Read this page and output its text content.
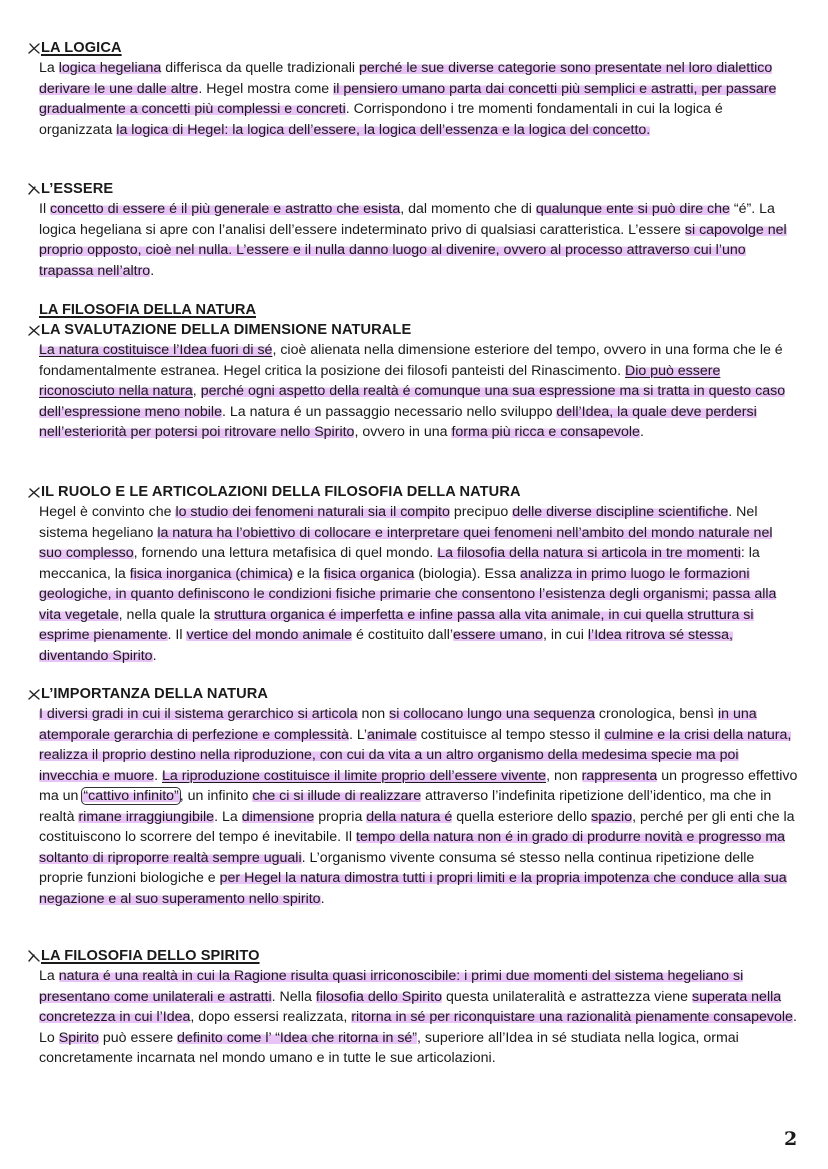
LA LOGICA

La logica hegeliana differisca da quelle tradizionali perché le sue diverse categorie sono presentate nel loro dialettico derivare le une dalle altre. Hegel mostra come il pensiero umano parta dai concetti più semplici e astratti, per passare gradualmente a concetti più complessi e concreti. Corrispondono i tre momenti fondamentali in cui la logica é organizzata la logica di Hegel: la logica dell’essere, la logica dell’essenza e la logica del concetto.

L’ESSERE

Il concetto di essere é il più generale e astratto che esista, dal momento che di qualunque ente si può dire che “é”. La logica hegeliana si apre con l’analisi dell’essere indeterminato privo di qualsiasi caratteristica. L’essere si capovolge nel proprio opposto, cioè nel nulla. L’essere e il nulla danno luogo al divenire, ovvero al processo attraverso cui l’uno trapassa nell’altro.

LA FILOSOFIA DELLA NATURA
LA SVALUTAZIONE DELLA DIMENSIONE NATURALE

La natura costituisce l’Idea fuori di sé, cioè alienata nella dimensione esteriore del tempo, ovvero in una forma che le é fondamentalmente estranea. Hegel critica la posizione dei filosofi panteisti del Rinascimento. Dio può essere riconosciuto nella natura, perché ogni aspetto della realtà é comunque una sua espressione ma si tratta in questo caso dell’espressione meno nobile. La natura é un passaggio necessario nello sviluppo dell’Idea, la quale deve perdersi nell’esteriorità per potersi poi ritrovare nello Spirito, ovvero in una forma più ricca e consapevole.

IL RUOLO E LE ARTICOLAZIONI DELLA FILOSOFIA DELLA NATURA

Hegel è convinto che lo studio dei fenomeni naturali sia il compito precipuo delle diverse discipline scientifiche. Nel sistema hegeliano la natura ha l’obiettivo di collocare e interpretare quei fenomeni nell’ambito del mondo naturale nel suo complesso, fornendo una lettura metafisica di quel mondo. La filosofia della natura si articola in tre momenti: la meccanica, la fisica inorganica (chimica) e la fisica organica (biologia). Essa analizza in primo luogo le formazioni geologiche, in quanto definiscono le condizioni fisiche primarie che consentono l’esistenza degli organismi; passa alla vita vegetale, nella quale la struttura organica é imperfetta e infine passa alla vita animale, in cui quella struttura si esprime pienamente. Il vertice del mondo animale é costituito dall’essere umano, in cui l’Idea ritrova sé stessa, diventando Spirito.

L’IMPORTANZA DELLA NATURA

I diversi gradi in cui il sistema gerarchico si articola non si collocano lungo una sequenza cronologica, bensì in una atemporale gerarchia di perfezione e complessità. L’animale costituisce al tempo stesso il culmine e la crisi della natura, realizza il proprio destino nella riproduzione, con cui da vita a un altro organismo della medesima specie ma poi invecchia e muore. La riproduzione costituisce il limite proprio dell’essere vivente, non rappresenta un progresso effettivo ma un “cattivo infinito”, un infinito che ci si illude di realizzare attraverso l’indefinita ripetizione dell’identico, ma che in realtà rimane irraggiungibile. La dimensione propria della natura é quella esteriore dello spazio, perché per gli enti che la costituiscono lo scorrere del tempo é inevitabile. Il tempo della natura non é in grado di produrre novità e progresso ma soltanto di riproporre realtà sempre uguali. L’organismo vivente consuma sé stesso nella continua ripetizione delle proprie funzioni biologiche e per Hegel la natura dimostra tutti i propri limiti e la propria impotenza che conduce alla sua negazione e al suo superamento nello spirito.

LA FILOSOFIA DELLO SPIRITO

La natura é una realtà in cui la Ragione risulta quasi irriconoscibile: i primi due momenti del sistema hegeliano si presentano come unilaterali e astratti. Nella filosofia dello Spirito questa unilateralità e astrattezza viene superata nella concretezza in cui l’Idea, dopo essersi realizzata, ritorna in sé per riconquistare una razionalità pienamente consapevole. Lo Spirito può essere definito come l’ “Idea che ritorna in sé”, superiore all’Idea in sé studiata nella logica, ormai concretamente incarnata nel mondo umano e in tutte le sue articolazioni.

2
